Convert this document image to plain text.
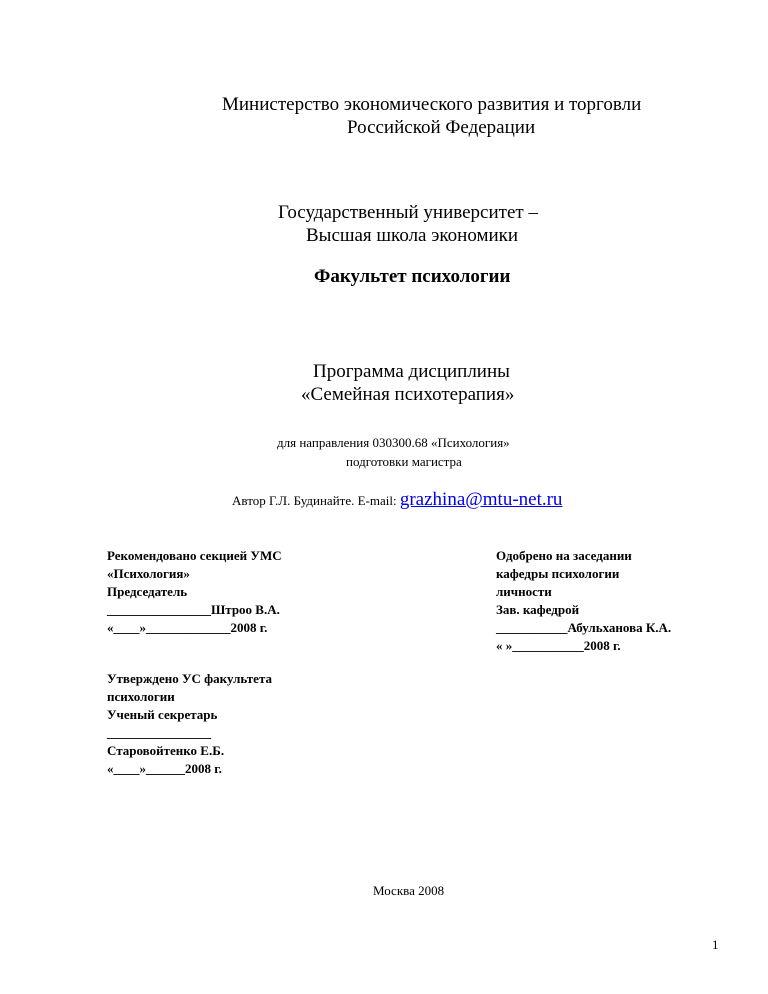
Министерство экономического развития и торговли
Российской Федерации
Государственный университет –
Высшая школа экономики
Факультет психологии
Программа дисциплины
«Семейная психотерапия»
для направления 030300.68 «Психология»
подготовки магистра
Автор Г.Л. Будинайте. E-mail: grazhina@mtu-net.ru
Рекомендовано секцией УМС
«Психология»
Председатель
________________Штроо В.А.
«____»_____________2008 г.
Одобрено на заседании
кафедры психологии
личности
Зав. кафедрой
___________Абульханова К.А.
« »___________2008 г.
Утверждено УС факультета
психологии
Ученый секретарь
________________
Старовойтенко Е.Б.
«____»______2008 г.
Москва 2008
1
